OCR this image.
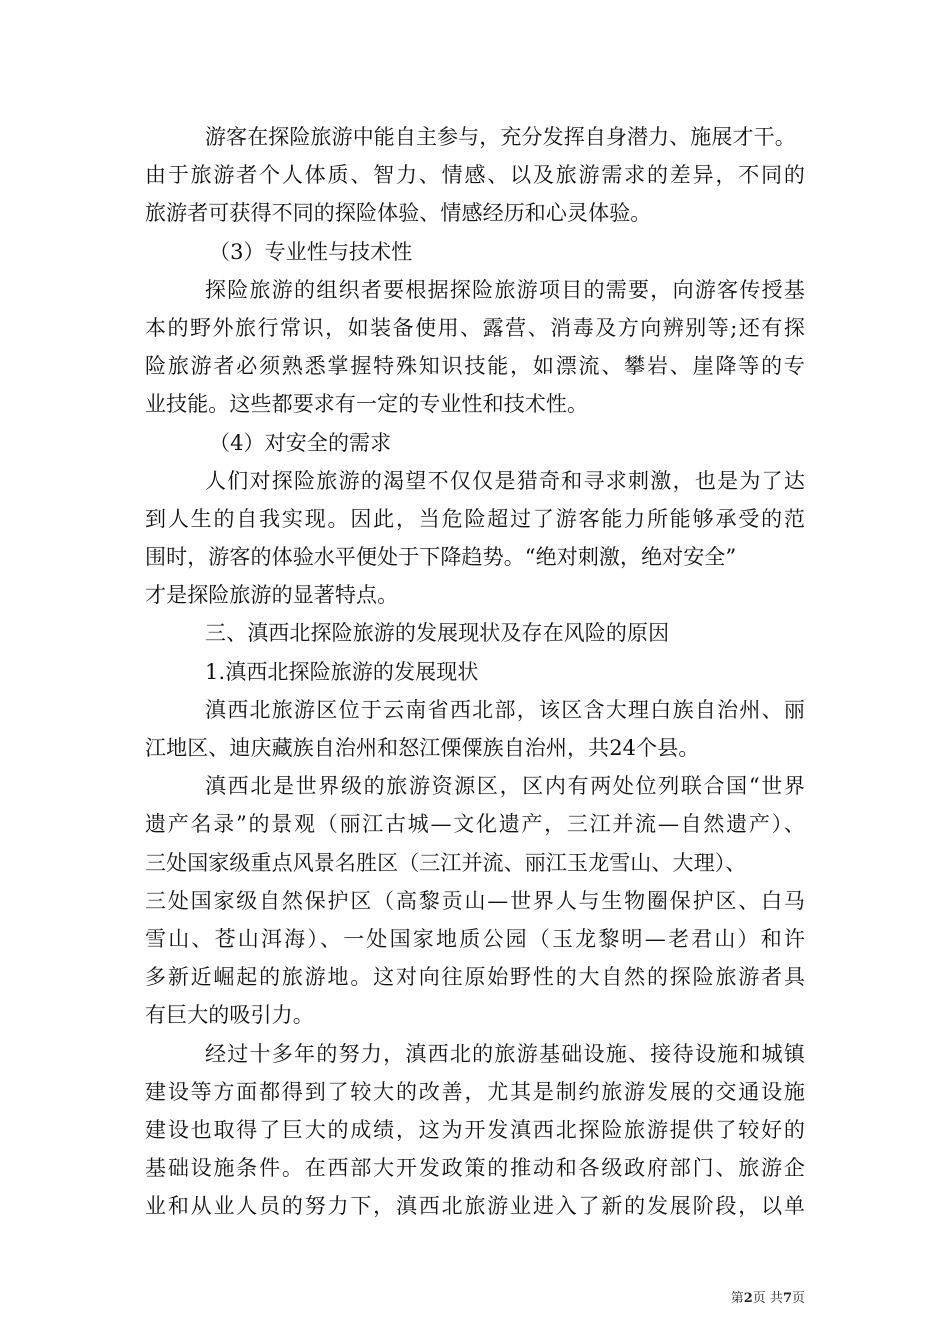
游客在探险旅游中能自主参与，充分发挥自身潜力、施展才干。
由于旅游者个人体质、智力、情感、以及旅游需求的差异，不同的
旅游者可获得不同的探险体验、情感经历和心灵体验。
（3）专业性与技术性
探险旅游的组织者要根据探险旅游项目的需要，向游客传授基
本的野外旅行常识，如装备使用、露营、消毒及方向辨别等;还有探
险旅游者必须熟悉掌握特殊知识技能，如漂流、攀岩、崖降等的专
业技能。这些都要求有一定的专业性和技术性。
（4）对安全的需求
人们对探险旅游的渴望不仅仅是猎奇和寻求刺激，也是为了达
到人生的自我实现。因此，当危险超过了游客能力所能够承受的范
围时，游客的体验水平便处于下降趋势。“绝对刺激，绝对安全”
才是探险旅游的显著特点。
三、滇西北探险旅游的发展现状及存在风险的原因
1.滇西北探险旅游的发展现状
滇西北旅游区位于云南省西北部，该区含大理白族自治州、丽
江地区、迪庆藏族自治州和怒江傈僳族自治州，共24个县。
滇西北是世界级的旅游资源区，区内有两处位列联合国“世界
遗产名录”的景观（丽江古城—文化遗产，三江并流—自然遗产）、
三处国家级重点风景名胜区（三江并流、丽江玉龙雪山、大理）、
三处国家级自然保护区（高黎贡山—世界人与生物圈保护区、白马
雪山、苍山洱海）、一处国家地质公园（玉龙黎明—老君山）和许
多新近崛起的旅游地。这对向往原始野性的大自然的探险旅游者具
有巨大的吸引力。
经过十多年的努力，滇西北的旅游基础设施、接待设施和城镇
建设等方面都得到了较大的改善，尤其是制约旅游发展的交通设施
建设也取得了巨大的成绩，这为开发滇西北探险旅游提供了较好的
基础设施条件。在西部大开发政策的推动和各级政府部门、旅游企
业和从业人员的努力下，滇西北旅游业进入了新的发展阶段，以单
第2页 共7页
